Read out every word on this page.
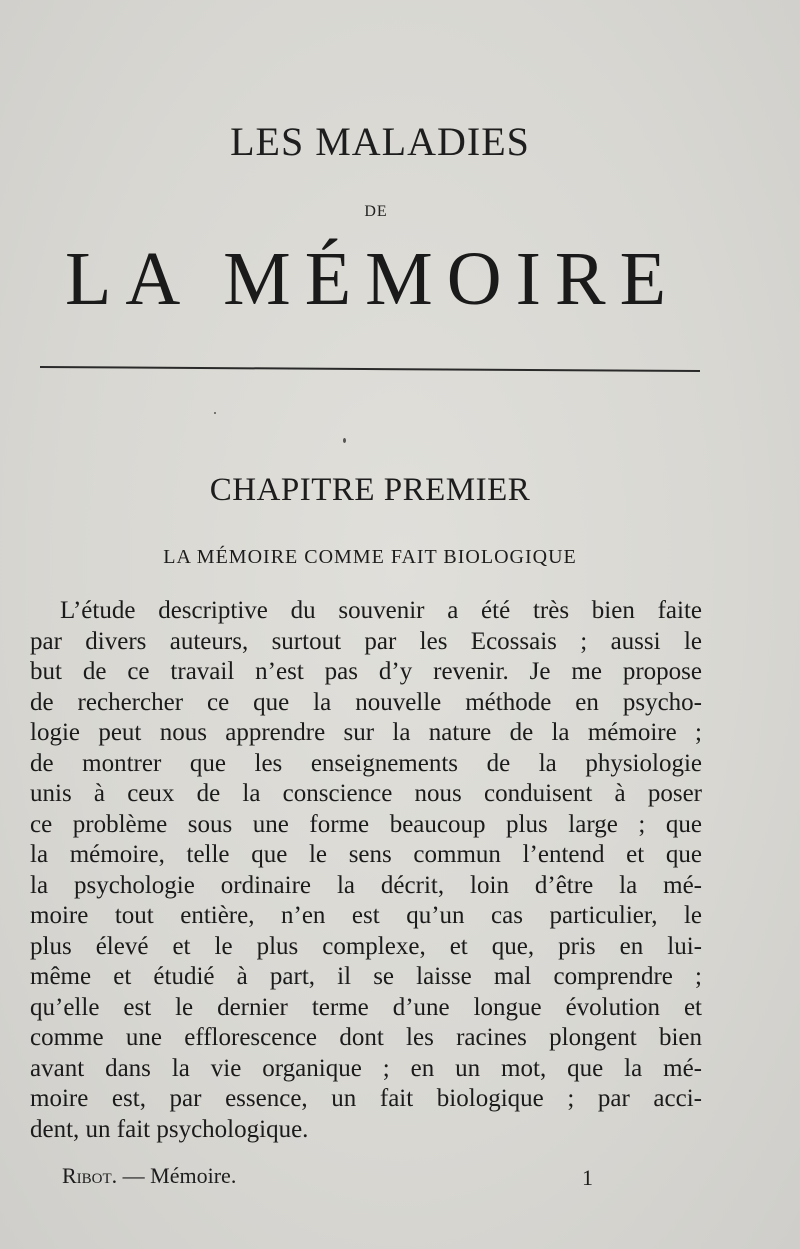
LES MALADIES
DE
LA MÉMOIRE
CHAPITRE PREMIER
LA MÉMOIRE COMME FAIT BIOLOGIQUE
L’étude descriptive du souvenir a été très bien faite
par divers auteurs, surtout par les Ecossais ; aussi le
but de ce travail n’est pas d’y revenir. Je me propose
de rechercher ce que la nouvelle méthode en psycho-
logie peut nous apprendre sur la nature de la mémoire ;
de montrer que les enseignements de la physiologie
unis à ceux de la conscience nous conduisent à poser
ce problème sous une forme beaucoup plus large ; que
la mémoire, telle que le sens commun l’entend et que
la psychologie ordinaire la décrit, loin d’être la mé-
moire tout entière, n’en est qu’un cas particulier, le
plus élevé et le plus complexe, et que, pris en lui-
même et étudié à part, il se laisse mal comprendre ;
qu’elle est le dernier terme d’une longue évolution et
comme une efflorescence dont les racines plongent bien
avant dans la vie organique ; en un mot, que la mé-
moire est, par essence, un fait biologique ; par acci-
dent, un fait psychologique.
Ribot. — Mémoire.	1
